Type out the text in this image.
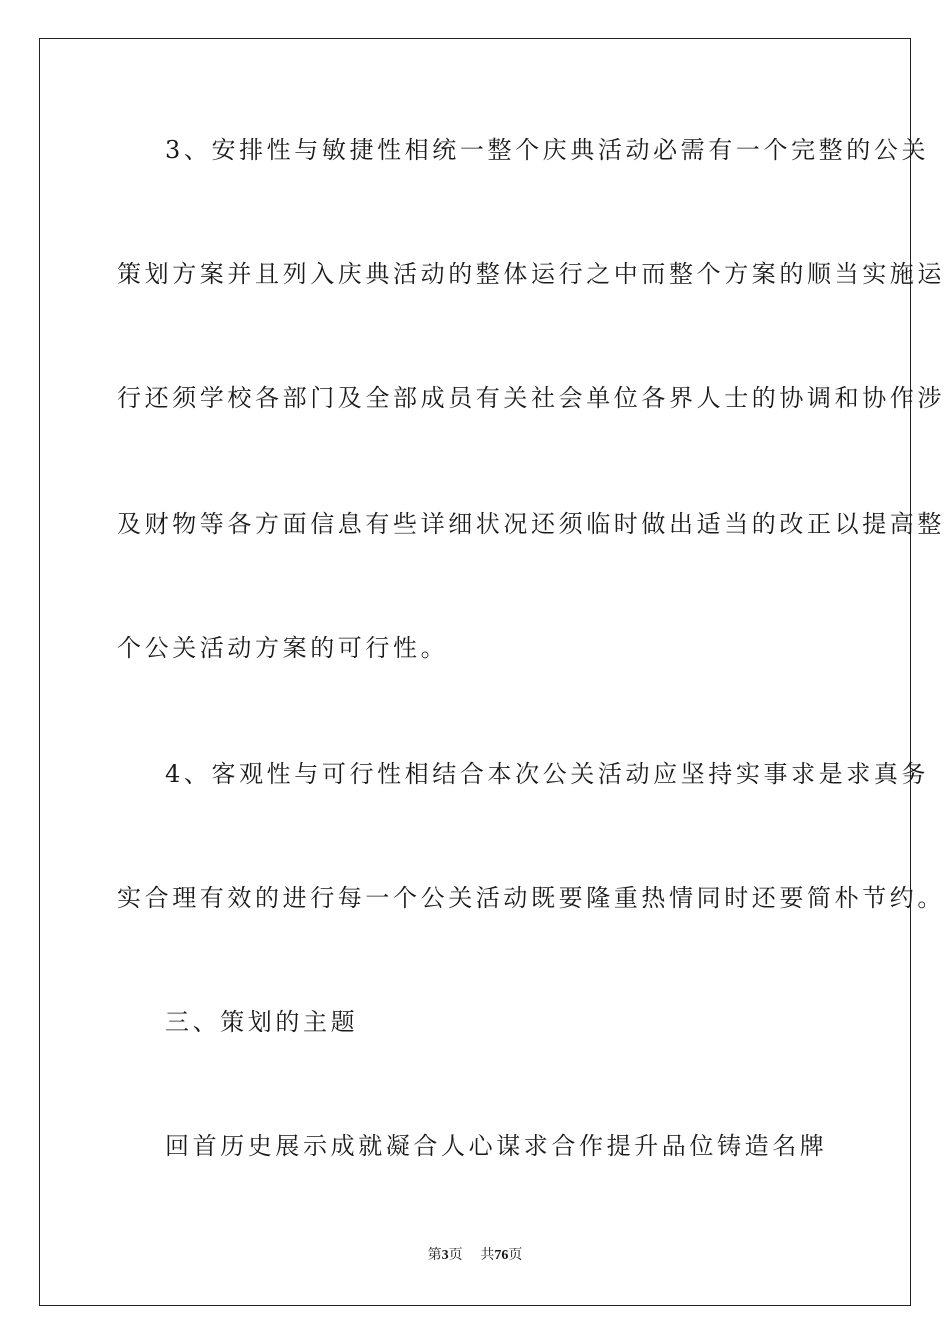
3、安排性与敏捷性相统一整个庆典活动必需有一个完整的公关
策划方案并且列入庆典活动的整体运行之中而整个方案的顺当实施运
行还须学校各部门及全部成员有关社会单位各界人士的协调和协作涉
及财物等各方面信息有些详细状况还须临时做出适当的改正以提高整
个公关活动方案的可行性。
4、客观性与可行性相结合本次公关活动应坚持实事求是求真务
实合理有效的进行每一个公关活动既要隆重热情同时还要简朴节约。
三、策划的主题
回首历史展示成就凝合人心谋求合作提升品位铸造名牌
第3页 共76页
